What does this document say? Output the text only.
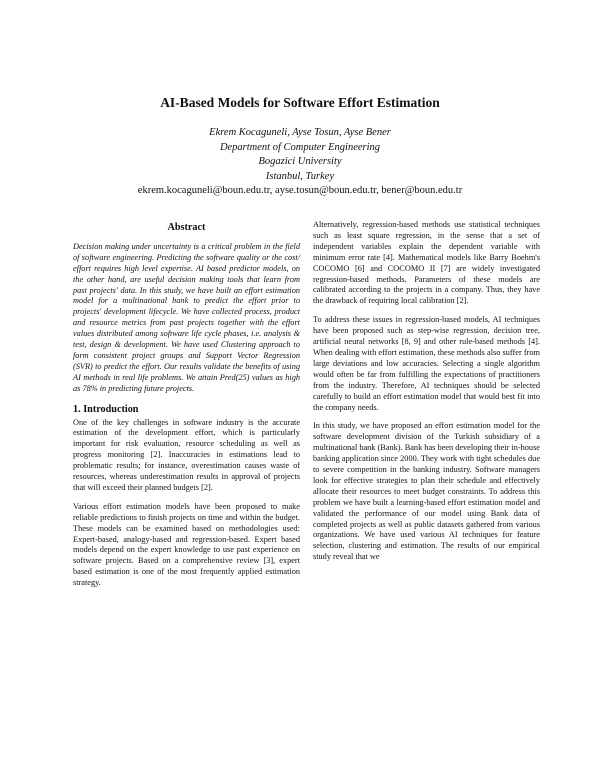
AI-Based Models for Software Effort Estimation
Ekrem Kocaguneli, Ayse Tosun, Ayse Bener
Department of Computer Engineering
Bogazici University
Istanbul, Turkey
ekrem.kocaguneli@boun.edu.tr, ayse.tosun@boun.edu.tr, bener@boun.edu.tr
Abstract

Decision making under uncertainty is a critical problem in the field of software engineering. Predicting the software quality or the cost/ effort requires high level expertise. AI based predictor models, on the other hand, are useful decision making tools that learn from past projects' data. In this study, we have built an effort estimation model for a multinational bank to predict the effort prior to projects' development lifecycle. We have collected process, product and resource metrics from past projects together with the effort values distributed among software life cycle phases, i.e. analysis & test, design & development. We have used Clustering approach to form consistent project groups and Support Vector Regression (SVR) to predict the effort. Our results validate the benefits of using AI methods in real life problems. We attain Pred(25) values as high as 78% in predicting future projects.

1. Introduction

One of the key challenges in software industry is the accurate estimation of the development effort, which is particularly important for risk evaluation, resource scheduling as well as progress monitoring [2]. Inaccuracies in estimations lead to problematic results; for instance, overestimation causes waste of resources, whereas underestimation results in approval of projects that will exceed their planned budgets [2].

Various effort estimation models have been proposed to make reliable predictions to finish projects on time and within the budget. These models can be examined based on methodologies used: Expert-based, analogy-based and regression-based. Expert based models depend on the expert knowledge to use past experience on software projects. Based on a comprehensive review [3], expert based estimation is one of the most frequently applied estimation strategy.

Alternatively, regression-based methods use statistical techniques such as least square regression, in the sense that a set of independent variables explain the dependent variable with minimum error rate [4]. Mathematical models like Barry Boehm's COCOMO [6] and COCOMO II [7] are widely investigated regression-based methods. Parameters of these models are calibrated according to the projects in a company. Thus, they have the drawback of requiring local calibration [2].

To address these issues in regression-based models, AI techniques have been proposed such as step-wise regression, decision tree, artificial neural networks [8, 9] and other rule-based methods [4]. When dealing with effort estimation, these methods also suffer from large deviations and low accuracies. Selecting a single algorithm would often be far from fulfilling the expectations of practitioners from the industry. Therefore, AI techniques should be selected carefully to build an effort estimation model that would best fit into the company needs.

In this study, we have proposed an effort estimation model for the software development division of the Turkish subsidiary of a multinational bank (Bank). Bank has been developing their in-house banking application since 2000. They work with tight schedules due to severe competition in the banking industry. Software managers look for effective strategies to plan their schedule and effectively allocate their resources to meet budget constraints. To address this problem we have built a learning-based effort estimation model and validated the performance of our model using Bank data of completed projects as well as public datasets gathered from various organizations. We have used various AI techniques for feature selection, clustering and estimation. The results of our empirical study reveal that we
